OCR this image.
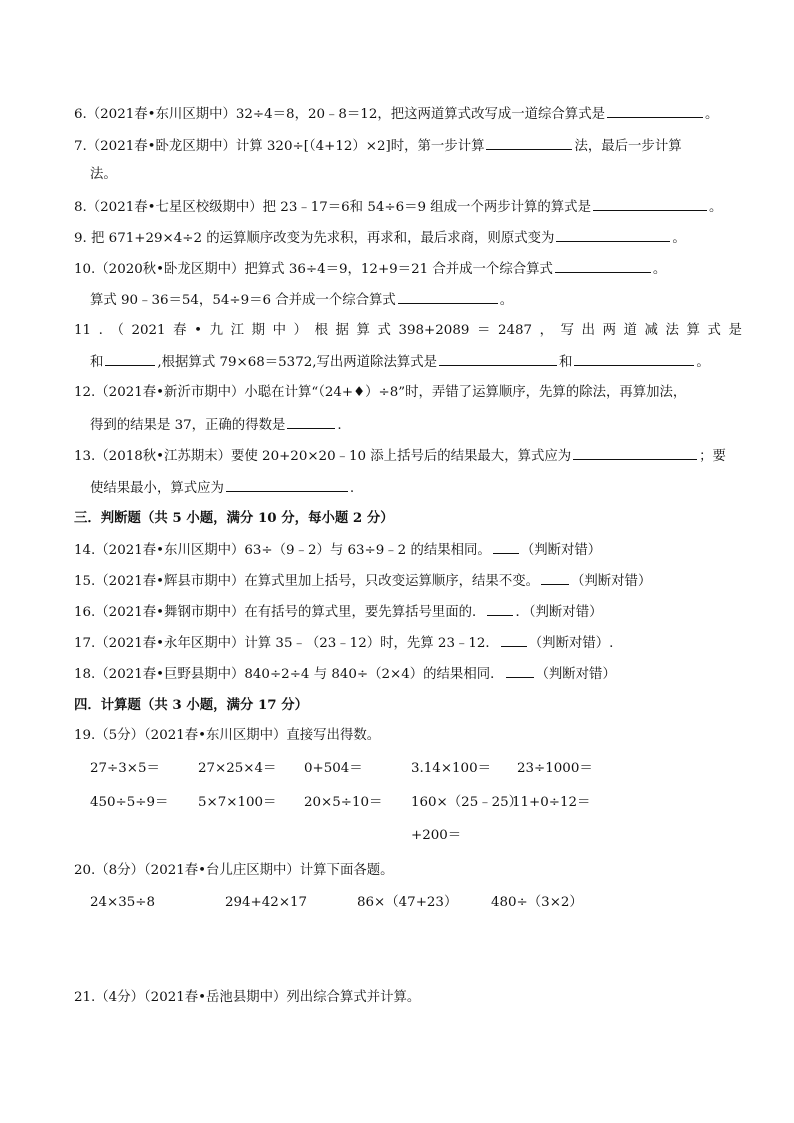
6.（2021春•东川区期中）32÷4＝8，20﹣8＝12，把这两道算式改写成一道综合算式是	。
7.（2021春•卧龙区期中）计算 320÷[（4+12）×2]时，第一步计算	法，最后一步计算
法。
8.（2021春•七星区校级期中）把 23﹣17＝6和 54÷6＝9 组成一个两步计算的算式是	。
9. 把 671+29×4÷2 的运算顺序改变为先求积，再求和，最后求商，则原式变为	。
10.（2020秋•卧龙区期中）把算式 36÷4＝9，12+9＝21 合并成一个综合算式	。
算式 90﹣36＝54，54÷9＝6 合并成一个综合算式	。
11 . （ 2021 春 • 九 江 期 中 ） 根 据 算 式 398+2089 ＝ 2487 ， 写 出 两 道 减 法 算 式 是
和	,根据算式 79×68＝5372,写出两道除法算式是	和	。
12.（2021春•新沂市期中）小聪在计算“（24+♦）÷8”时，弄错了运算顺序，先算的除法，再算加法，
得到的结果是 37，正确的得数是	.
13.（2018秋•江苏期末）要使 20+20×20﹣10 添上括号后的结果最大，算式应为	；要
使结果最小，算式应为	.
三．判断题（共 5 小题，满分 10 分，每小题 2 分）
14.（2021春•东川区期中）63÷（9﹣2）与 63÷9﹣2 的结果相同。 （判断对错）
15.（2021春•辉县市期中）在算式里加上括号，只改变运算顺序，结果不变。 （判断对错）
16.（2021春•舞钢市期中）在有括号的算式里，要先算括号里面的． ．（判断对错）
17.（2021春•永年区期中）计算 35﹣（23﹣12）时，先算 23﹣12． （判断对错）.
18.（2021春•巨野县期中）840÷2÷4 与 840÷（2×4）的结果相同． （判断对错）
四．计算题（共 3 小题，满分 17 分）
19.（5分）（2021春•东川区期中）直接写出得数。
27÷3×5＝	27×25×4＝ 0+504＝	3.14×100＝ 23÷1000＝
450÷5÷9＝ 5×7×100＝ 20×5÷10＝ 160×（25﹣25）
11+0÷12＝
+200＝
20.（8分）（2021春•台儿庄区期中）计算下面各题。
24×35÷8	294+42×17	86×（47+23）	480÷（3×2）
21.（4分）（2021春•岳池县期中）列出综合算式并计算。
